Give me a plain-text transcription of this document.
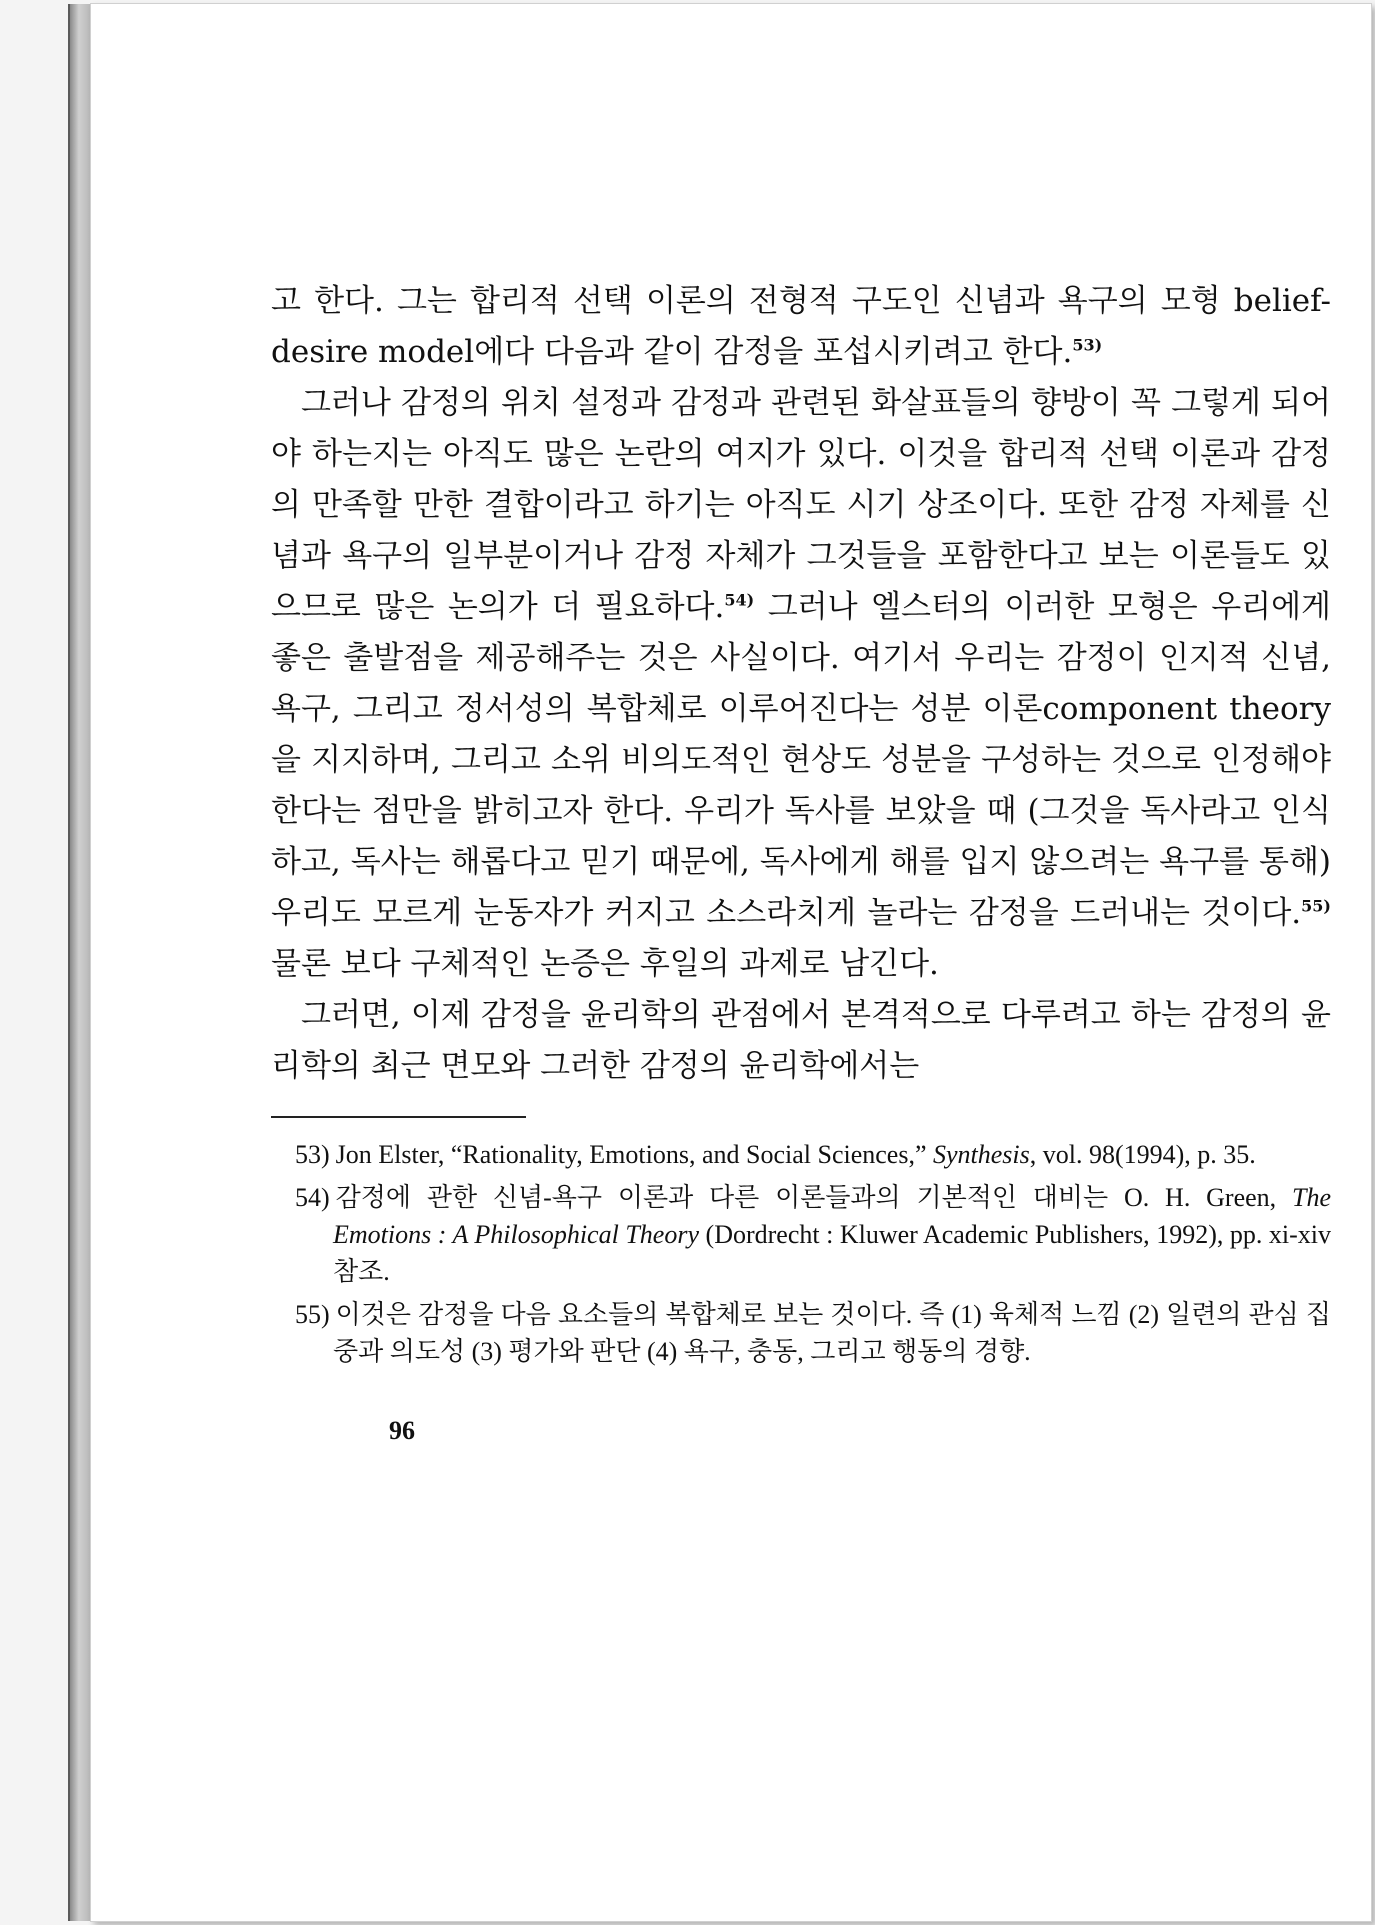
고 한다. 그는 합리적 선택 이론의 전형적 구도인 신념과 욕구의 모형 belief-desire model에다 다음과 같이 감정을 포섭시키려고 한다.$^{53)}$

그러나 감정의 위치 설정과 감정과 관련된 화살표들의 향방이 꼭 그렇게 되어야 하는지는 아직도 많은 논란의 여지가 있다. 이것을 합리적 선택 이론과 감정의 만족할 만한 결합이라고 하기는 아직도 시기 상조이다. 또한 감정 자체를 신념과 욕구의 일부분이거나 감정 자체가 그것들을 포함한다고 보는 이론들도 있으므로 많은 논의가 더 필요하다.$^{54)}$ 그러나 엘스터의 이러한 모형은 우리에게 좋은 출발점을 제공해주는 것은 사실이다. 여기서 우리는 감정이 인지적 신념, 욕구, 그리고 정서성의 복합체로 이루어진다는 성분 이론component theory을 지지하며, 그리고 소위 비의도적인 현상도 성분을 구성하는 것으로 인정해야 한다는 점만을 밝히고자 한다. 우리가 독사를 보았을 때 (그것을 독사라고 인식하고, 독사는 해롭다고 믿기 때문에, 독사에게 해를 입지 않으려는 욕구를 통해) 우리도 모르게 눈동자가 커지고 소스라치게 놀라는 감정을 드러내는 것이다.$^{55)}$ 물론 보다 구체적인 논증은 후일의 과제로 남긴다.

그러면, 이제 감정을 윤리학의 관점에서 본격적으로 다루려고 하는 감정의 윤리학의 최근 면모와 그러한 감정의 윤리학에서는

53) Jon Elster, “Rationality, Emotions, and Social Sciences,” Synthesis, vol. 98(1994), p. 35.

54) 감정에 관한 신념-욕구 이론과 다른 이론들과의 기본적인 대비는 O. H. Green, The Emotions : A Philosophical Theory (Dordrecht : Kluwer Academic Publishers, 1992), pp. xi-xiv 참조.

55) 이것은 감정을 다음 요소들의 복합체로 보는 것이다. 즉 (1) 육체적 느낌 (2) 일련의 관심 집중과 의도성 (3) 평가와 판단 (4) 욕구, 충동, 그리고 행동의 경향.

96
